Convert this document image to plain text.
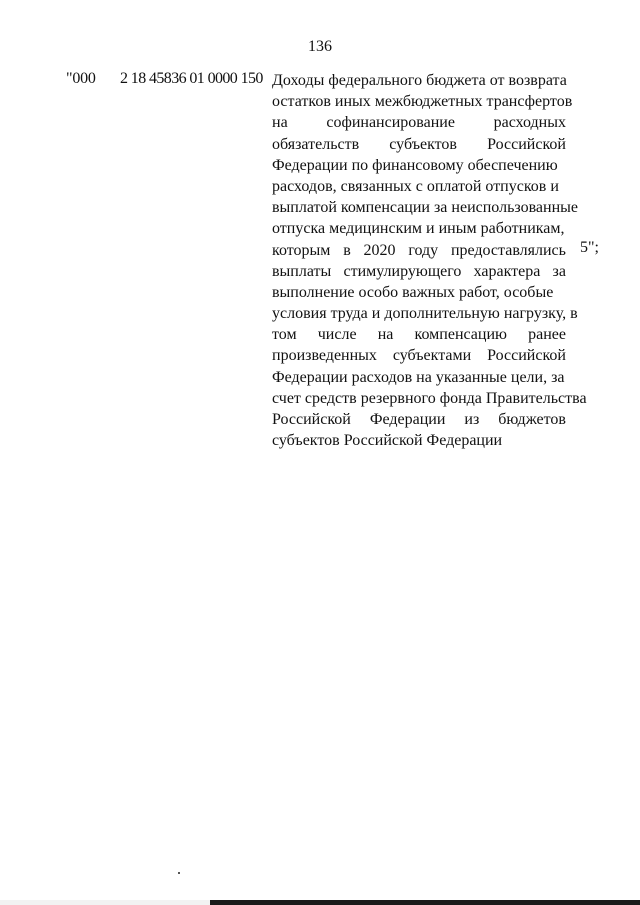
136
"000 2 18 45836 01 0000 150 Доходы федерального бюджета от возврата
остатков иных межбюджетных трансфертов
на софинансирование расходных
обязательств субъектов Российской
Федерации по финансовому обеспечению
расходов, связанных с оплатой отпусков и
выплатой компенсации за неиспользованные
отпуска медицинским и иным работникам,
которым в 2020 году предоставлялись
выплаты стимулирующего характера за
выполнение особо важных работ, особые
условия труда и дополнительную нагрузку, в
том числе на компенсацию ранее
произведенных субъектами Российской
Федерации расходов на указанные цели, за
счет средств резервного фонда Правительства
Российской Федерации из бюджетов
субъектов Российской Федерации
5";
